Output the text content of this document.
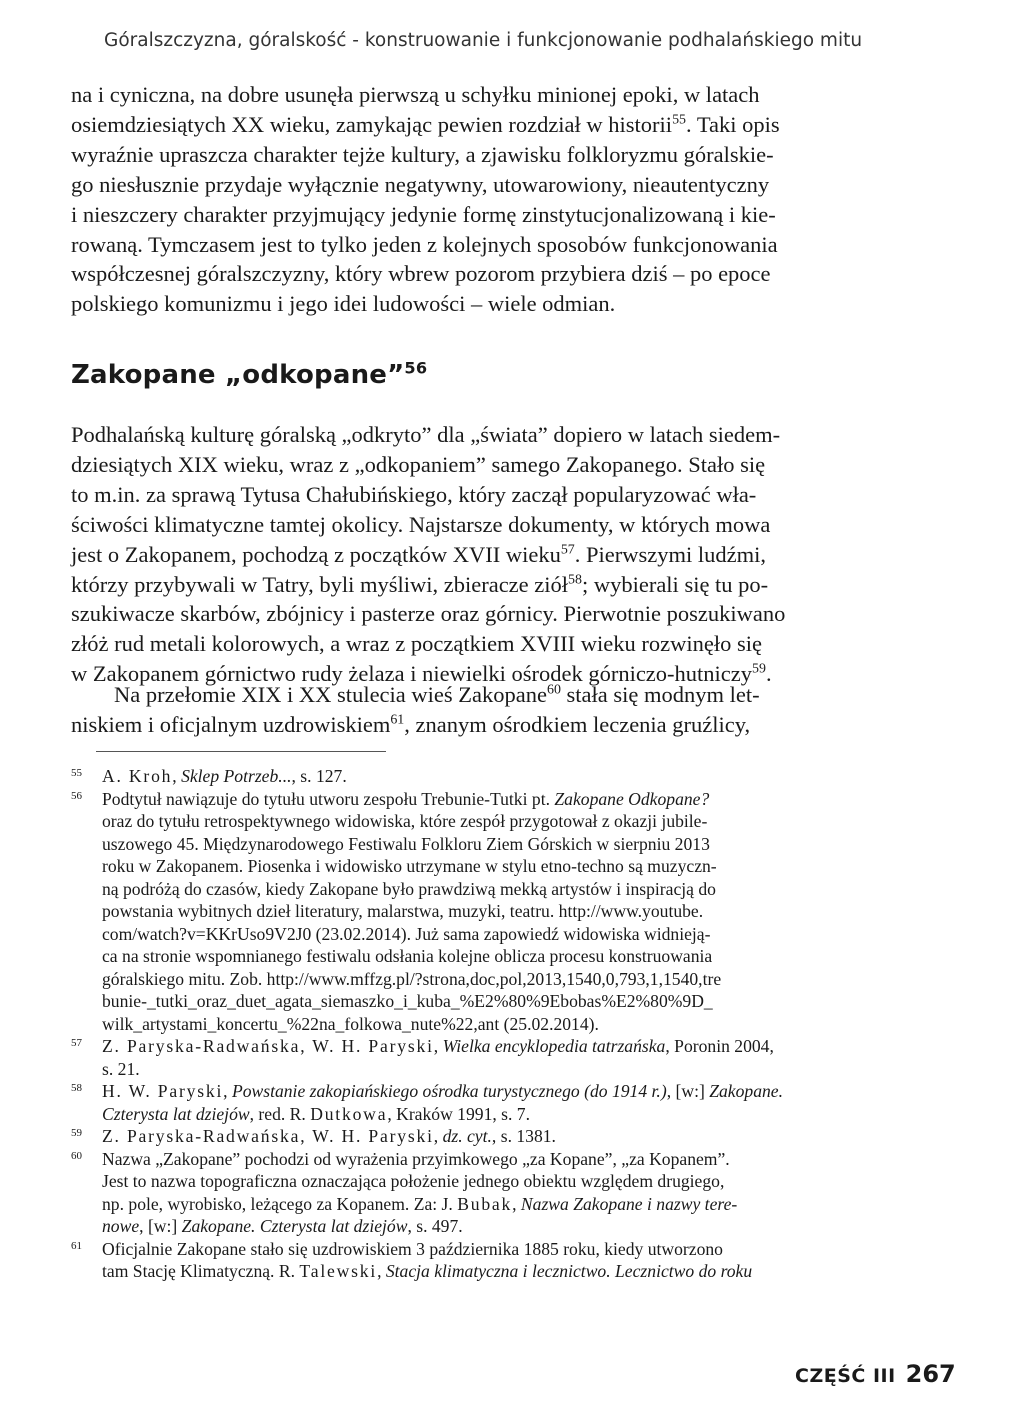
Góralszczyzna, góralskość - konstruowanie i funkcjonowanie podhalańskiego mitu
na i cyniczna, na dobre usunęła pierwszą u schyłku minionej epoki, w latach
osiemdziesiątych XX wieku, zamykając pewien rozdział w historii$^{55}$. Taki opis
wyraźnie upraszcza charakter tejże kultury, a zjawisku folkloryzmu góralskie-
go niesłusznie przydaje wyłącznie negatywny, utowarowiony, nieautentyczny
i nieszczery charakter przyjmujący jedynie formę zinstytucjonalizowaną i kie-
rowaną. Tymczasem jest to tylko jeden z kolejnych sposobów funkcjonowania
współczesnej góralszczyzny, który wbrew pozorom przybiera dziś – po epoce
polskiego komunizmu i jego idei ludowości – wiele odmian.
Zakopane „odkopane”$^{56}$
Podhalańską kulturę góralską „odkryto” dla „świata” dopiero w latach siedem-
dziesiątych XIX wieku, wraz z „odkopaniem” samego Zakopanego. Stało się
to m.in. za sprawą Tytusa Chałubińskiego, który zaczął popularyzować wła-
ściwości klimatyczne tamtej okolicy. Najstarsze dokumenty, w których mowa
jest o Zakopanem, pochodzą z początków XVII wieku$^{57}$. Pierwszymi ludźmi,
którzy przybywali w Tatry, byli myśliwi, zbieracze ziół$^{58}$; wybierali się tu po-
szukiwacze skarbów, zbójnicy i pasterze oraz górnicy. Pierwotnie poszukiwano
złóż rud metali kolorowych, a wraz z początkiem XVIII wieku rozwinęło się
w Zakopanem górnictwo rudy żelaza i niewielki ośrodek górniczo-hutniczy$^{59}$.
Na przełomie XIX i XX stulecia wieś Zakopane$^{60}$ stała się modnym let-
niskiem i oficjalnym uzdrowiskiem$^{61}$, znanym ośrodkiem leczenia gruźlicy,
55 A. Kroh, Sklep Potrzeb..., s. 127.
56 Podtytuł nawiązuje do tytułu utworu zespołu Trebunie-Tutki pt. Zakopane Odkopane?
oraz do tytułu retrospektywnego widowiska, które zespół przygotował z okazji jubile-
uszowego 45. Międzynarodowego Festiwalu Folkloru Ziem Górskich w sierpniu 2013
roku w Zakopanem. Piosenka i widowisko utrzymane w stylu etno-techno są muzyczn-
ną podróżą do czasów, kiedy Zakopane było prawdziwą mekką artystów i inspiracją do
powstania wybitnych dzieł literatury, malarstwa, muzyki, teatru. http://www.youtube.
com/watch?v=KKrUso9V2J0 (23.02.2014). Już sama zapowiedź widowiska widnieją-
ca na stronie wspomnianego festiwalu odsłania kolejne oblicza procesu konstruowania
góralskiego mitu. Zob. http://www.mffzg.pl/?strona,doc,pol,2013,1540,0,793,1,1540,tre
bunie-_tutki_oraz_duet_agata_siemaszko_i_kuba_%E2%80%9Ebobas%E2%80%9D_
wilk_artystami_koncertu_%22na_folkowa_nute%22,ant (25.02.2014).
57 Z. Paryska-Radwańska, W. H. Paryski, Wielka encyklopedia tatrzańska, Poronin 2004,
s. 21.
58 H. W. Paryski, Powstanie zakopiańskiego ośrodka turystycznego (do 1914 r.), [w:] Zakopane.
Czterysta lat dziejów, red. R. Dutkowa, Kraków 1991, s. 7.
59 Z. Paryska-Radwańska, W. H. Paryski, dz. cyt., s. 1381.
60 Nazwa „Zakopane” pochodzi od wyrażenia przyimkowego „za Kopane”, „za Kopanem”.
Jest to nazwa topograficzna oznaczająca położenie jednego obiektu względem drugiego,
np. pole, wyrobisko, leżącego za Kopanem. Za: J. Bubak, Nazwa Zakopane i nazwy tere-
nowe, [w:] Zakopane. Czterysta lat dziejów, s. 497.
61 Oficjalnie Zakopane stało się uzdrowiskiem 3 października 1885 roku, kiedy utworzono
tam Stację Klimatyczną. R. Talewski, Stacja klimatyczna i lecznictwo. Lecznictwo do roku
CZĘŚĆ III 267
